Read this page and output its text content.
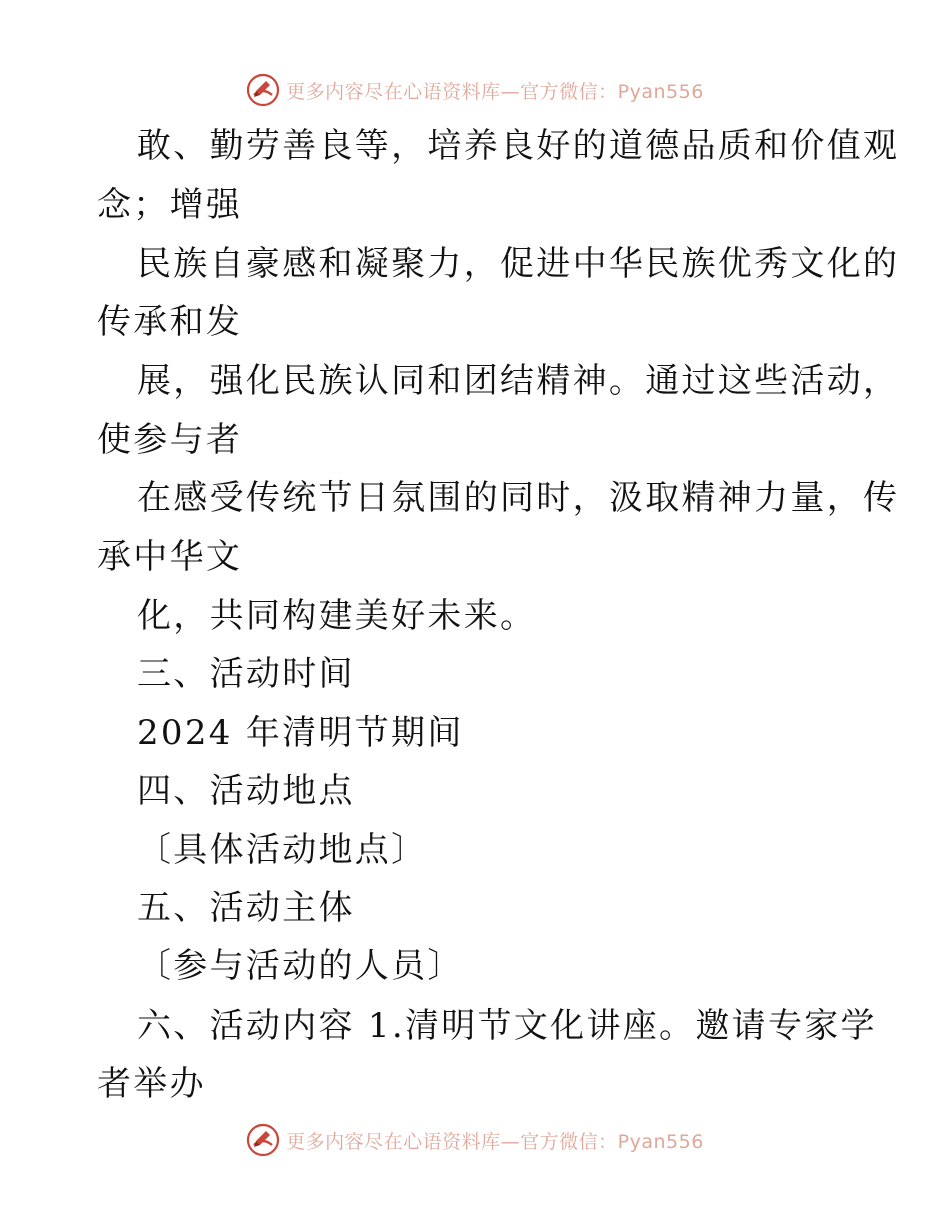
更多内容尽在心语资料库—官方微信：Pyan556
敢、勤劳善良等，培养良好的道德品质和价值观
念；增强
民族自豪感和凝聚力，促进中华民族优秀文化的
传承和发
展，强化民族认同和团结精神。通过这些活动，
使参与者
在感受传统节日氛围的同时，汲取精神力量，传
承中华文
化，共同构建美好未来。
三、活动时间
2024 年清明节期间
四、活动地点
〔具体活动地点〕
五、活动主体
〔参与活动的人员〕
六、活动内容 1.清明节文化讲座。邀请专家学
者举办
更多内容尽在心语资料库—官方微信：Pyan556
